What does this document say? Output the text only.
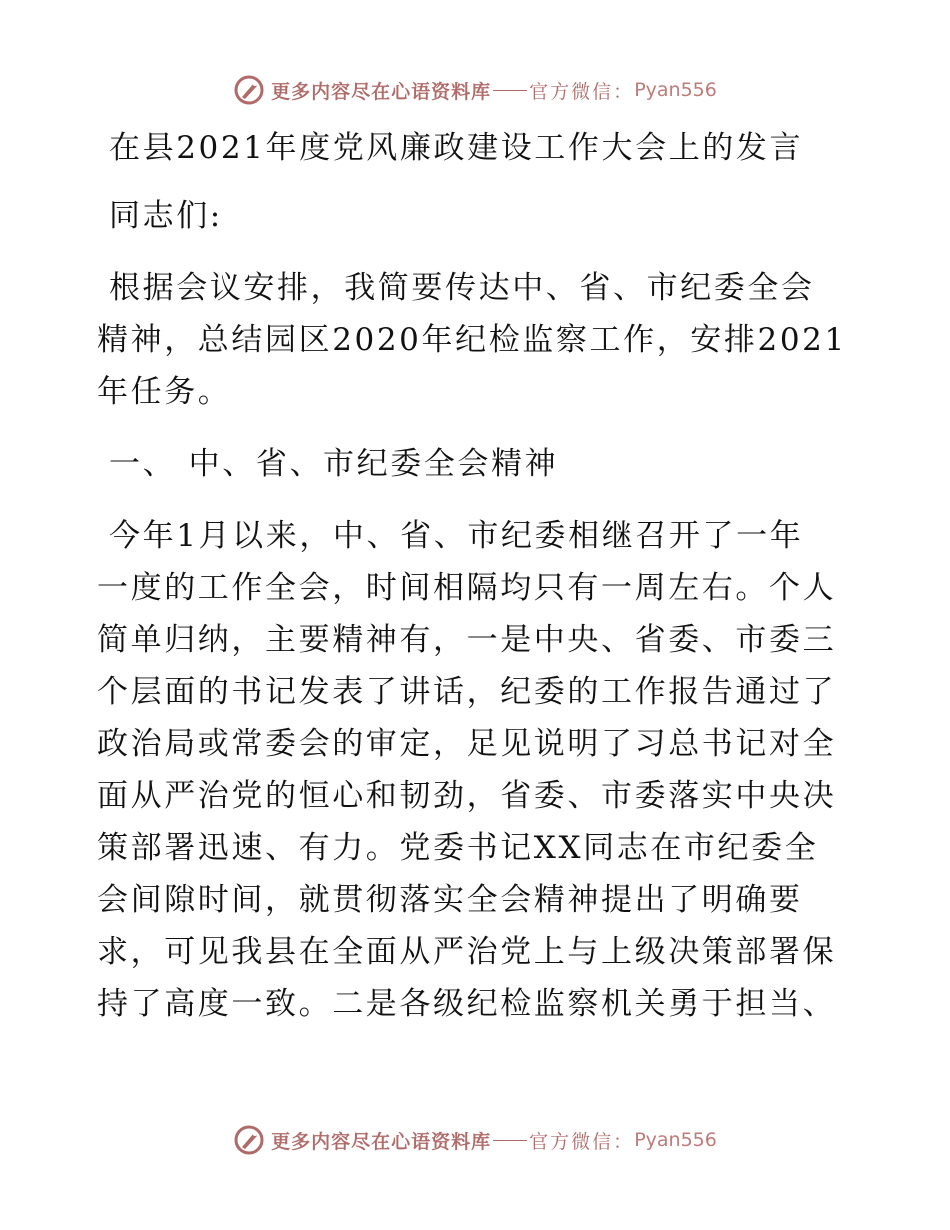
更多内容尽在心语资料库 官方微信： Pyan556
在县2021年度党风廉政建设工作大会上的发言
同志们:
根据会议安排，我简要传达中、省、市纪委全会
精神，总结园区2020年纪检监察工作，安排2021
年任务。
一、 中、省、市纪委全会精神
今年1月以来，中、省、市纪委相继召开了一年
一度的工作全会，时间相隔均只有一周左右。个人
简单归纳，主要精神有，一是中央、省委、市委三
个层面的书记发表了讲话，纪委的工作报告通过了
政治局或常委会的审定，足见说明了习总书记对全
面从严治党的恒心和韧劲，省委、市委落实中央决
策部署迅速、有力。党委书记XX同志在市纪委全
会间隙时间，就贯彻落实全会精神提出了明确要
求，可见我县在全面从严治党上与上级决策部署保
持了高度一致。二是各级纪检监察机关勇于担当、
更多内容尽在心语资料库 官方微信： Pyan556
